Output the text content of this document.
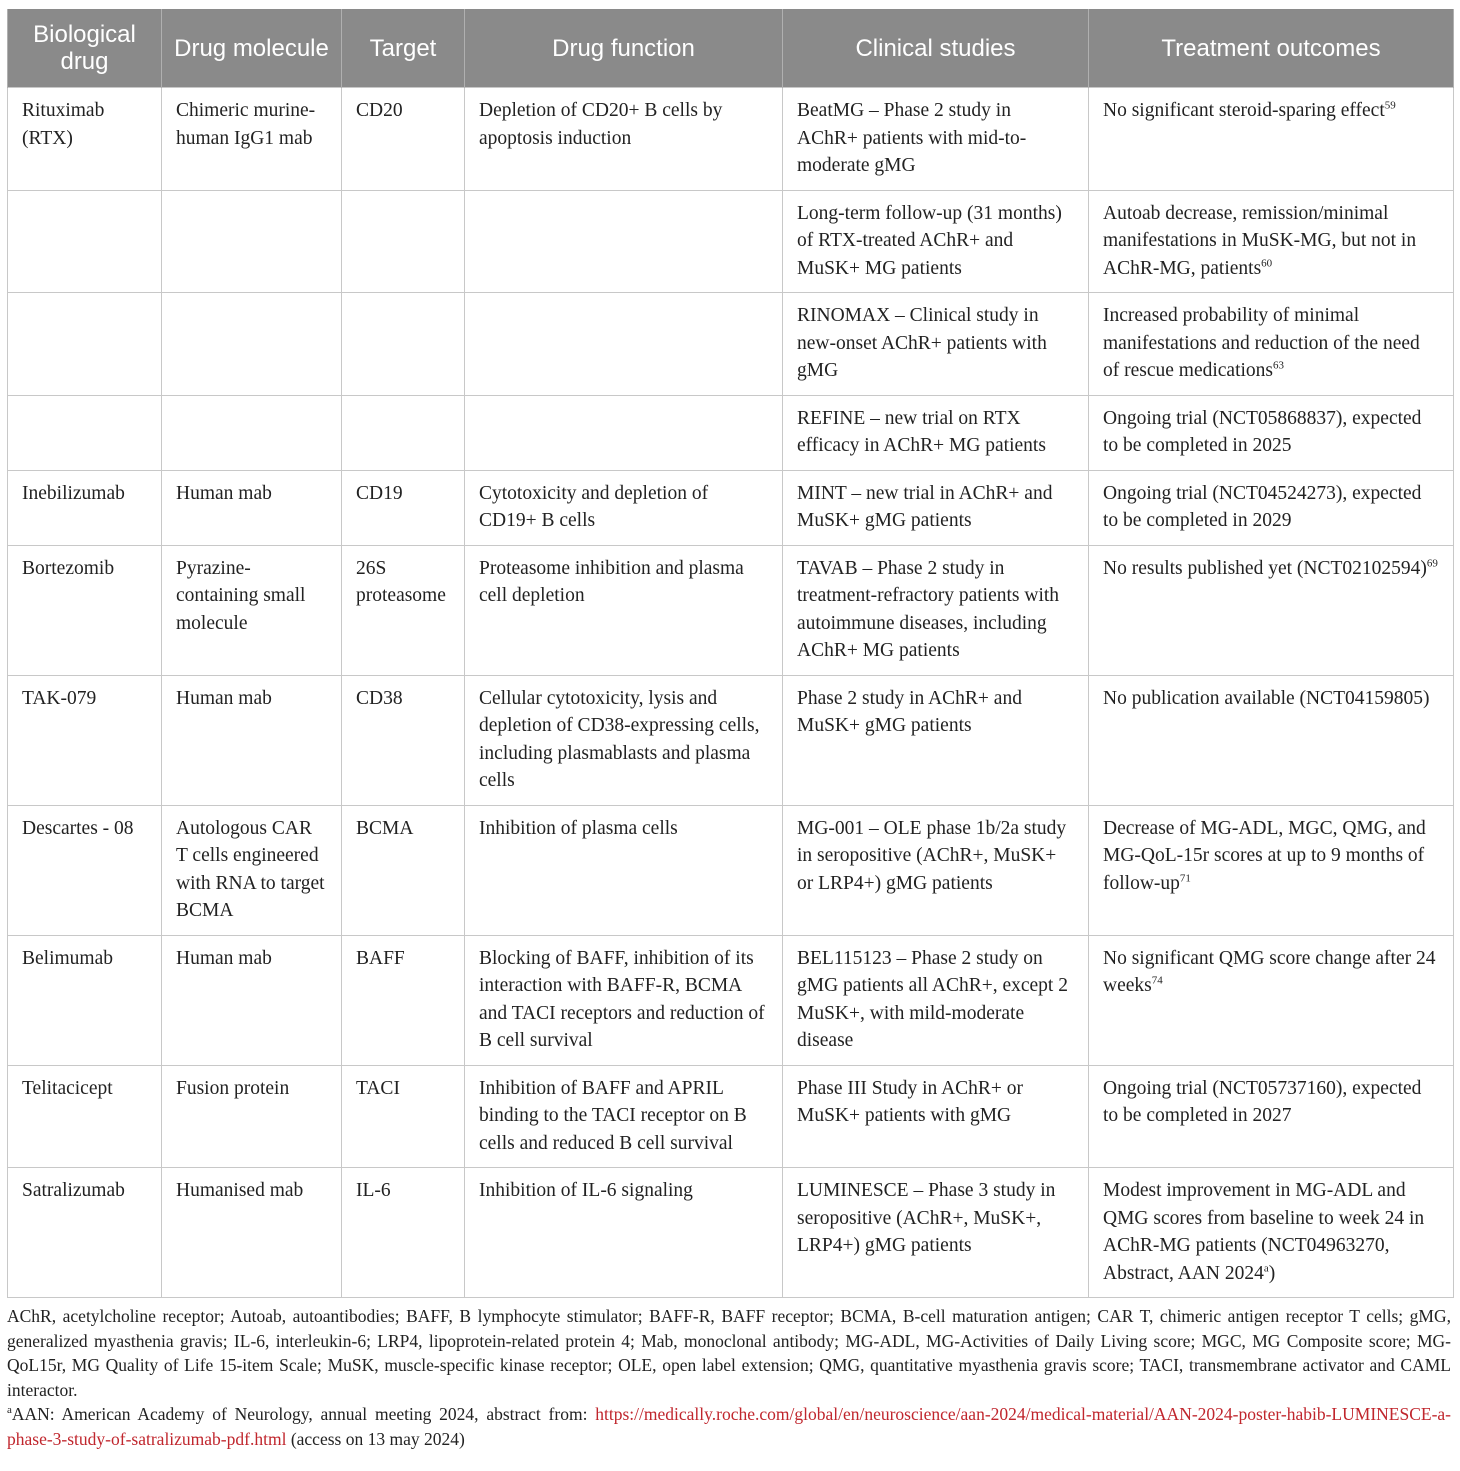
Biological drug	Drug molecule	Target	Drug function	Clinical studies	Treatment outcomes
Rituximab (RTX)	Chimeric murine-human IgG1 mab	CD20	Depletion of CD20+ B cells by apoptosis induction	BeatMG – Phase 2 study in AChR+ patients with mid-to-moderate gMG	No significant steroid-sparing effect$^{59}$
				Long-term follow-up (31 months) of RTX-treated AChR+ and MuSK+ MG patients	Autoab decrease, remission/minimal manifestations in MuSK-MG, but not in AChR-MG, patients$^{60}$
				RINOMAX – Clinical study in new-onset AChR+ patients with gMG	Increased probability of minimal manifestations and reduction of the need of rescue medications$^{63}$
				REFINE – new trial on RTX efficacy in AChR+ MG patients	Ongoing trial (NCT05868837), expected to be completed in 2025
Inebilizumab	Human mab	CD19	Cytotoxicity and depletion of CD19+ B cells	MINT – new trial in AChR+ and MuSK+ gMG patients	Ongoing trial (NCT04524273), expected to be completed in 2029
Bortezomib	Pyrazine-containing small molecule	26S proteasome	Proteasome inhibition and plasma cell depletion	TAVAB – Phase 2 study in treatment-refractory patients with autoimmune diseases, including AChR+ MG patients	No results published yet $(NCT02102594)^{69}$
TAK-079	Human mab	CD38	Cellular cytotoxicity, lysis and depletion of CD38-expressing cells, including plasmablasts and plasma cells	Phase 2 study in AChR+ and MuSK+ gMG patients	No publication available (NCT04159805)
Descartes - 08	Autologous CAR T cells engineered with RNA to target BCMA	BCMA	Inhibition of plasma cells	MG-001 – OLE phase 1b/2a study in seropositive (AChR+, MuSK+ or LRP4+) gMG patients	Decrease of MG-ADL, MGC, QMG, and MG-QoL-15r scores at up to 9 months of follow-$up^{71}$
Belimumab	Human mab	BAFF	Blocking of BAFF, inhibition of its interaction with BAFF-R, BCMA and TACI receptors and reduction of B cell survival	BEL115123 – Phase 2 study on gMG patients all AChR+, except 2 MuSK+, with mild-moderate disease	No significant QMG score change after 24 weeks$^{74}$
Telitacicept	Fusion protein	TACI	Inhibition of BAFF and APRIL binding to the TACI receptor on B cells and reduced B cell survival	Phase III Study in AChR+ or MuSK+ patients with gMG	Ongoing trial (NCT05737160), expected to be completed in 2027
Satralizumab	Humanised mab	IL-6	Inhibition of IL-6 signaling	LUMINESCE – Phase 3 study in seropositive (AChR+, MuSK+, LRP4+) gMG patients	Modest improvement in MG-ADL and QMG scores from baseline to week 24 in AChR-MG patients (NCT04963270, Abstract, AAN 2024$^a$)

AChR, acetylcholine receptor; Autoab, autoantibodies; BAFF, B lymphocyte stimulator; BAFF-R, BAFF receptor; BCMA, B-cell maturation antigen; CAR T, chimeric antigen receptor T cells; gMG, generalized myasthenia gravis; IL-6, interleukin-6; LRP4, lipoprotein-related protein 4; Mab, monoclonal antibody; MG-ADL, MG-Activities of Daily Living score; MGC, MG Composite score; MG-QoL15r, MG Quality of Life 15-item Scale; MuSK, muscle-specific kinase receptor; OLE, open label extension; QMG, quantitative myasthenia gravis score; TACI, transmembrane activator and CAML interactor.

$^a$AAN: American Academy of Neurology, annual meeting 2024, abstract from: https://medically.roche.com/global/en/neuroscience/aan-2024/medical-material/AAN-2024-poster-habib-LUMINESCE-a-phase-3-study-of-satralizumab-pdf.html (access on 13 may 2024)
